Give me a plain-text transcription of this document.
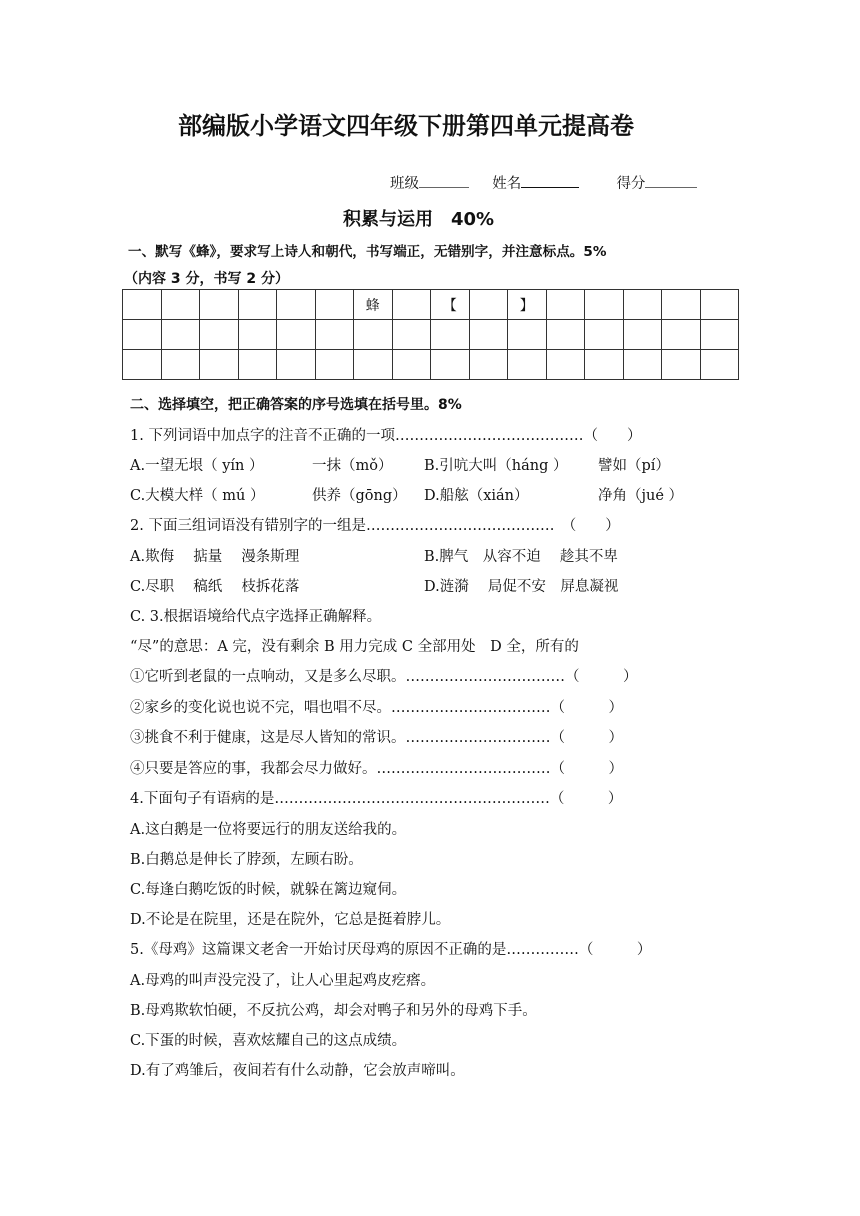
部编版小学语文四年级下册第四单元提高卷
班级	姓名	得分
积累与运用　40%
一、默写《蜂》，要求写上诗人和朝代，书写端正，无错别字，并注意标点。5%
（内容 3 分，书写 2 分）
						蜂		【		】					

二、选择填空，把正确答案的序号选填在括号里。8%
1. 下列词语中加点字的注音不正确的一项…………………………………（　　）
A.一望无垠（ yín ）	一抹（mǒ） B.引吭大叫（háng ） 譬如（pí）
C.大模大样（ mú ）	供养（gōng） D.船舷（xián）	净角（jué ）
2. 下面三组词语没有错别字的一组是…………………………………　（　　）
A.欺侮　 掂量　 漫条斯理	B.脾气　从容不迫　 趁其不卑
C.尽职　 稿纸　 枝拆花落	D.涟漪　 局促不安　屏息凝视
C. 3.根据语境给代点字选择正确解释。
“尽”的意思：A 完，没有剩余 B 用力完成 C 全部用处　D 全，所有的
①它听到老鼠的一点响动，又是多么尽职。……………………………（　　　）
②家乡的变化说也说不完，唱也唱不尽。……………………………（　　　）
③挑食不利于健康，这是尽人皆知的常识。…………………………（　　　）
④只要是答应的事，我都会尽力做好。………………………………（　　　）
4.下面句子有语病的是…………………………………………………（　　　）
A.这白鹅是一位将要远行的朋友送给我的。
B.白鹅总是伸长了脖颈，左顾右盼。
C.每逢白鹅吃饭的时候，就躲在篱边窥伺。
D.不论是在院里，还是在院外，它总是挺着脖儿。
5.《母鸡》这篇课文老舍一开始讨厌母鸡的原因不正确的是……………（　　　）
A.母鸡的叫声没完没了，让人心里起鸡皮疙瘩。
B.母鸡欺软怕硬，不反抗公鸡，却会对鸭子和另外的母鸡下手。
C.下蛋的时候，喜欢炫耀自己的这点成绩。
D.有了鸡雏后，夜间若有什么动静，它会放声啼叫。
